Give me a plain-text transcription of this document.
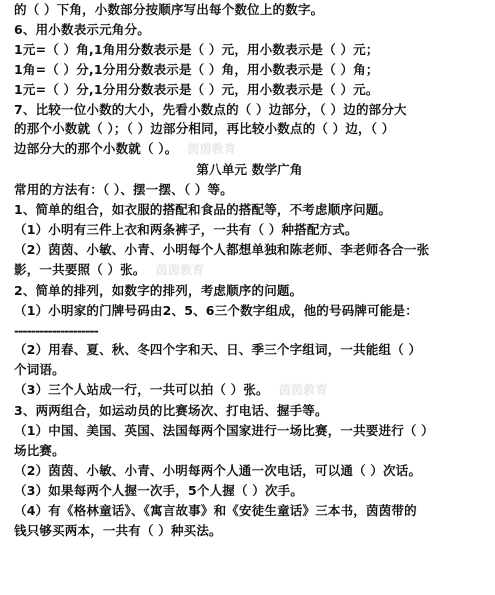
的（ ）下角，小数部分按顺序写出每个数位上的数字。
6、用小数表示元角分。
1元=（ ）角,1角用分数表示是（ ）元，用小数表示是（ ）元；
1角=（ ）分,1分用分数表示是（ ）角，用小数表示是（ ）角；
1元=（ ）分,1分用分数表示是（ ）元，用小数表示是（ ）元。
7、比较一位小数的大小，先看小数点的（ ）边部分，（ ）边的部分大
的那个小数就（ ）；（ ）边部分相同，再比较小数点的（ ）边，（ ）
边部分大的那个小数就（ ）。 茵茵教育
第八单元 数学广角
常用的方法有：（ ）、摆一摆、（ ）等。
1、简单的组合，如衣服的搭配和食品的搭配等，不考虑顺序问题。
（1）小明有三件上衣和两条裤子，一共有（ ）种搭配方式。
（2）茵茵、小敏、小青、小明每个人都想单独和陈老师、李老师各合一张
影，一共要照（ ）张。 茵茵教育
2、简单的排列，如数字的排列，考虑顺序的问题。
（1）小明家的门牌号码由2、5、6三个数字组成，他的号码牌可能是：
--------------------
（2）用春、夏、秋、冬四个字和天、日、季三个字组词，一共能组（ ）
个词语。
（3）三个人站成一行，一共可以拍（ ）张。 茵茵教育
3、两两组合，如运动员的比赛场次、打电话、握手等。
（1）中国、美国、英国、法国每两个国家进行一场比赛，一共要进行（ ）
场比赛。
（2）茵茵、小敏、小青、小明每两个人通一次电话，可以通（ ）次话。
（3）如果每两个人握一次手，5个人握（ ）次手。
（4）有《格林童话》、《寓言故事》和《安徒生童话》三本书，茵茵带的
钱只够买两本，一共有（ ）种买法。
